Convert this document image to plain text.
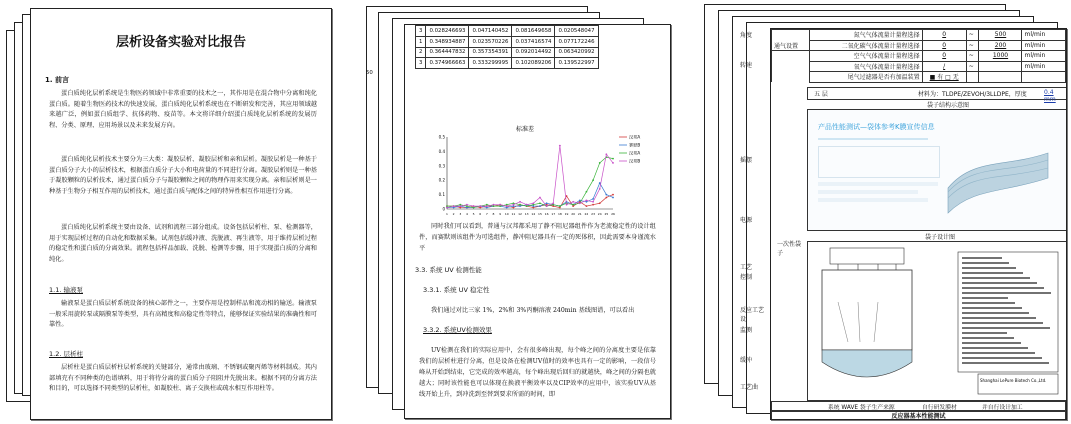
层析设备实验对比报告
1. 前言
蛋白质纯化层析系统是生物医药领域中非常重要的技术之一，其作用是在混合物中分离和纯化蛋白质。随着生物医药技术的快速发展，蛋白质纯化层析系统也在不断研发和完善，其应用领域越来越广泛，例如蛋白质组学、抗体药物、疫苗等。本文将详细介绍蛋白质纯化层析系统的发展历程、分类、原理、应用场景以及未来发展方向。
蛋白质纯化层析技术主要分为三大类：凝胶层析、凝胶层析和亲和层析。凝胶层析是一种基于蛋白质分子大小的层析技术，根据蛋白质分子大小和电荷量的不同进行分离。凝胶层析则是一种基于凝胶颗粒的层析技术，通过蛋白质分子与凝胶颗粒之间的物理作用来实现分离。亲和层析则是一种基于生物分子相互作用的层析技术，通过蛋白质与配体之间的特异性相互作用进行分离。
蛋白质纯化层析系统主要由设备、试剂和流程三部分组成。设备包括层析柱、泵、检测器等，用于实现层析过程的自动化和数据采集。试剂包括缓冲液、洗脱液、再生液等，用于维持层析过程的稳定性和蛋白质的分离效果。流程包括样品加载、洗脱、检测等步骤，用于实现蛋白质的分离和纯化。
1.1. 输液泵
输液泵是蛋白质层析系统设备的核心部件之一，主要作用是控制样品和流动相的输送。输液泵一般采用旋转泵或隔膜泵等类型，具有高精度和高稳定性等特点，能够保证实验结果的准确性和可靠性。
1.2. 层析柱
层析柱是蛋白质层析柱层析系统的关键部分，通常由玻璃、不锈钢或聚丙烯等材料制成。其内部填充有不同种类的色谱填料，用于将待分离的蛋白质分子阻阻并先脱出来。根据不同的分离方法和目的，可以选择不同类型的层析柱，如凝胶柱、离子交换柱或疏水相互作用柱等。
3	0.028246693	0.047140452	0.081649658	0.020548047
1	0.348934887	0.023570226	0.037416574	0.077172246
2	0.364447832	0.357354391	0.092014492	0.063420992
3	0.374966663	0.333299995	0.102089206	0.139522997
标准差
0
0.1
0.2
0.3
0.4
0.5
1 2 3 4 5 6 7 8 9 10 11 12 13 14 15 16 17 18 19 20 21 22 23 24 25 26
汉邦A
赛默B
汉邦A
汉邦B
同时我们可以看到，普通与汉邦都采用了静不阻尼器组件作为老流稳定性的设计组件，而赛默则该组件为可选组件，静冲阻尼器具有一定的死体积，因此需要本身谨流水平
3.3. 系统 UV 检测性能
3.3.1. 系统 UV 稳定性
我们通过对比三家 1%，2%和 3%丙酮溶液 240min 基线图谱，可以看出
3.3.2. 系统UV检测效果
UV检测在我们的实际应用中，会有很多峰出现，每个峰之间的分离度主要是依靠我们的层析柱进行分离，但是设备在检测UV值时的效率也具有一定的影响，一段信号峰从开始到结束，它完成的效率越高，每个峰出现后回归的就越快，峰之间的分隔也就越大；同时该性能也可以体现在换液平衡效率以及CIP效率的应用中，该实验UV从基线开始上升，到冲洗到至替到要求所需的时间，即
50
角度
转速
摇摆
电源
工艺
控制
反应工艺设
监测
缓冲
工艺曲
	氮气气体流量计量程选择	0	~	500	ml/min
通气设置	二氧化碳气体流量计量程选择	0	~	200	ml/min
	空气气体流量计量程选择	0	~	1000	ml/min
	氧气气体流量计量程选择	/	~		ml/min
	尾气过滤器是否有加温装置	■ 有 □ 无			
五 层	材料为：TLDPE/ZEVOH/3LLDPE，厚度	0.4 mm
袋子结构示意图
产品性能测试—袋体参考K膜宣传信息
袋子设计图
一次性袋子
Shanghai LePure Biotech Co.,Ltd.
系统 WAVE 袋子生产来源	自行研发膜材	并自行设计加工
反应器基本性能测试
